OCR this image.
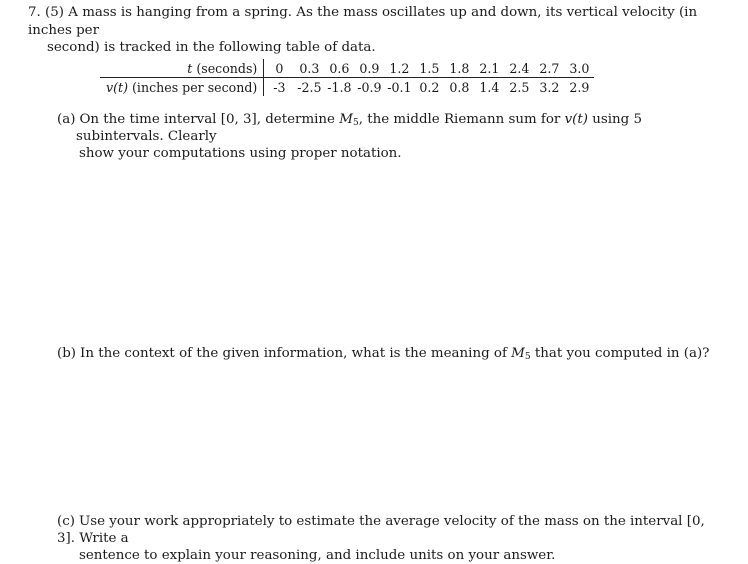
7. (5) A mass is hanging from a spring. As the mass oscillates up and down, its vertical velocity (in inches per
second) is tracked in the following table of data.
t (seconds)	0	0.3	0.6	0.9	1.2	1.5	1.8	2.1	2.4	2.7	3.0
v(t) (inches per second)	-3	-2.5	-1.8	-0.9	-0.1	0.2	0.8	1.4	2.5	3.2	2.9
(a) On the time interval [0, 3], determine $M_5$, the middle Riemann sum for v(t) using 5 subintervals. Clearly
show your computations using proper notation.
(b) In the context of the given information, what is the meaning of $M_5$ that you computed in (a)?
(c) Use your work appropriately to estimate the average velocity of the mass on the interval [0, 3]. Write a
sentence to explain your reasoning, and include units on your answer.
